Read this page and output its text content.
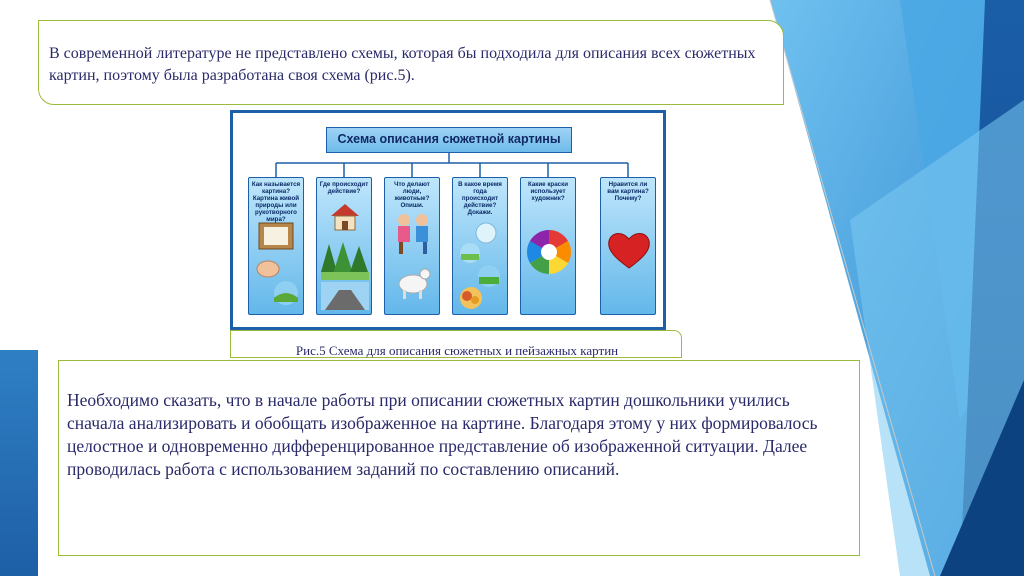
В современной литературе не представлено схемы, которая бы подходила для описания всех сюжетных картин, поэтому была разработана своя схема (рис.5).
Схема описания сюжетной картины
Как называется картина? Картина живой природы или рукотворного мира?
Где происходит действие?
Что делают люди, животные? Опиши.
В какое время года происходит действие? Докажи.
Какие краски использует художник?
Нравится ли вам картина? Почему?
Рис.5 Схема для описания сюжетных и пейзажных картин
Необходимо сказать, что в начале работы при описании сюжетных картин дошкольники учились сначала анализировать и обобщать изображенное на картине. Благодаря этому у них формировалось целостное и одновременно дифференцированное представление об изображенной ситуации. Далее проводилась работа с использованием заданий по составлению описаний.
